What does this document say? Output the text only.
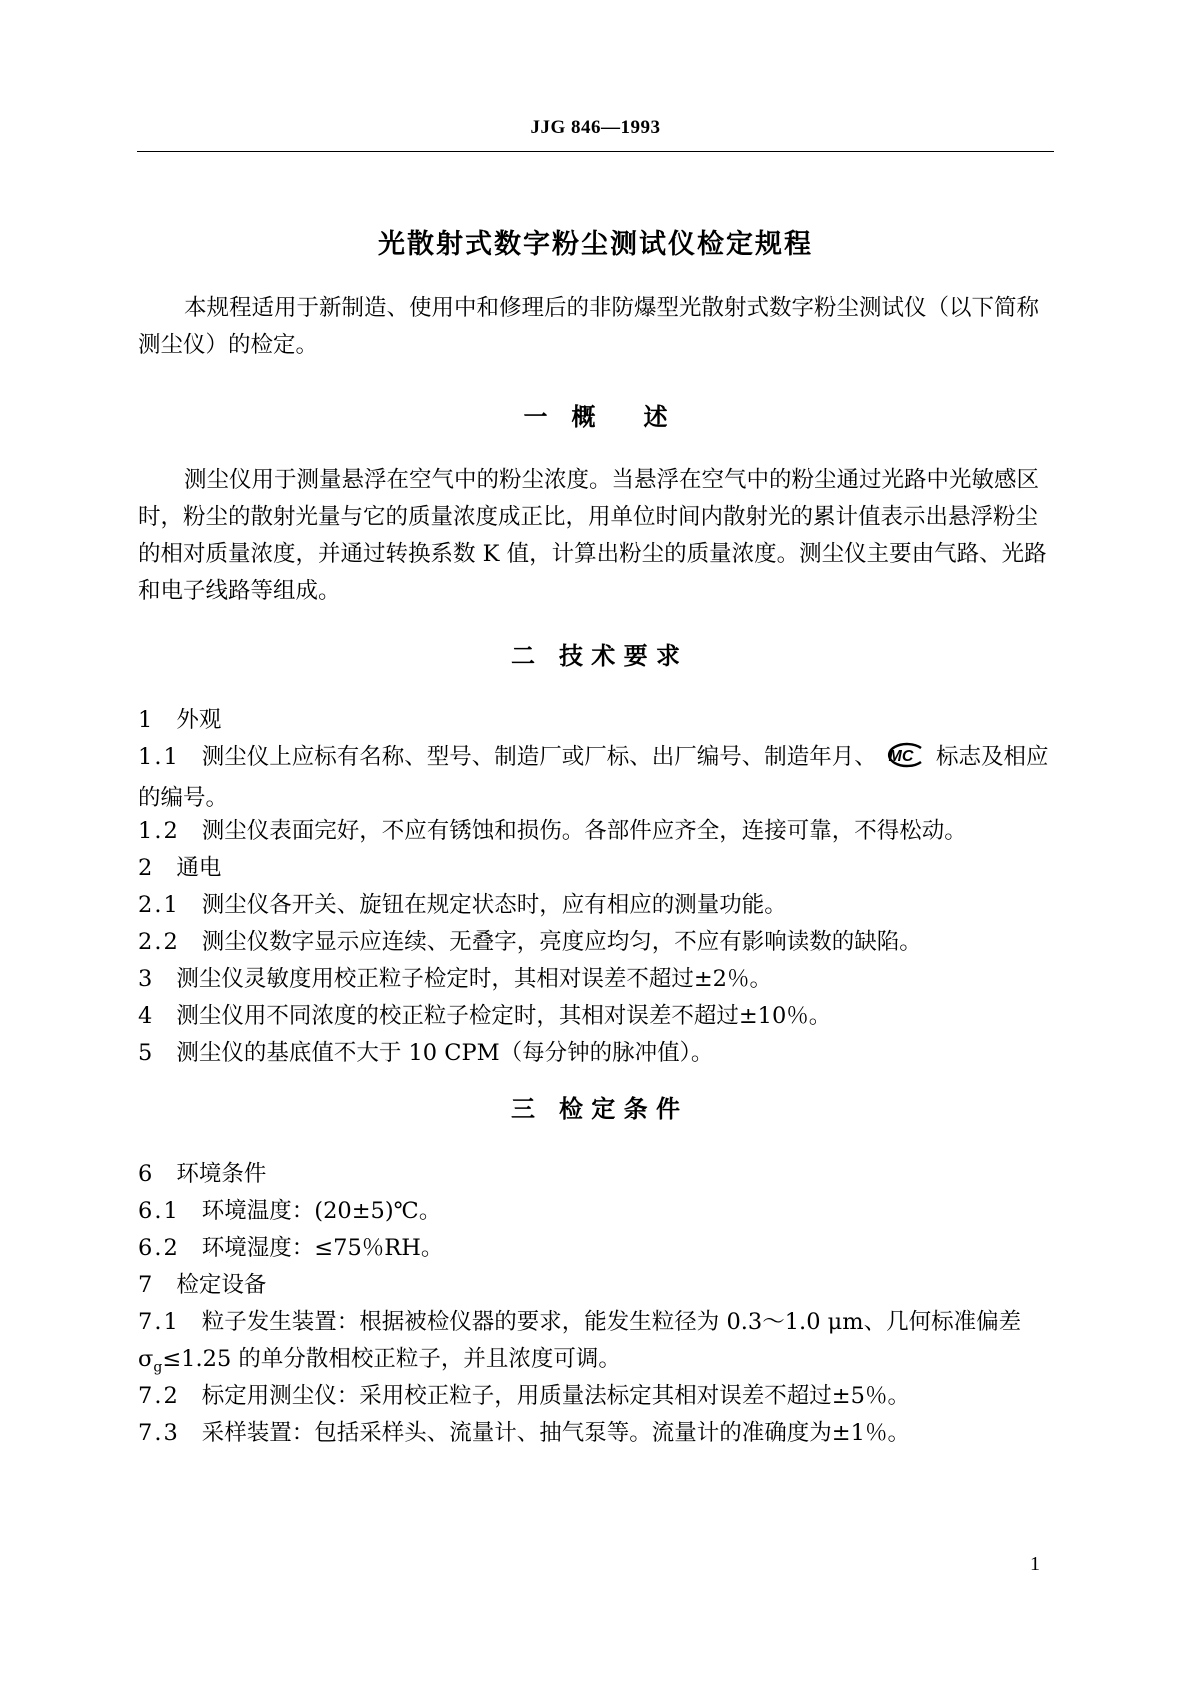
JJG 846—1993
光散射式数字粉尘测试仪检定规程
本规程适用于新制造、使用中和修理后的非防爆型光散射式数字粉尘测试仪（以下简称测尘仪）的检定。
一　概　　述
测尘仪用于测量悬浮在空气中的粉尘浓度。当悬浮在空气中的粉尘通过光路中光敏感区时，粉尘的散射光量与它的质量浓度成正比，用单位时间内散射光的累计值表示出悬浮粉尘的相对质量浓度，并通过转换系数 K 值，计算出粉尘的质量浓度。测尘仪主要由气路、光路和电子线路等组成。
二　技 术 要 求
1 外观
1.1 测尘仪上应标有名称、型号、制造厂或厂标、出厂编号、制造年月、 MC 标志及相应的编号。
1.2 测尘仪表面完好，不应有锈蚀和损伤。各部件应齐全，连接可靠，不得松动。
2 通电
2.1 测尘仪各开关、旋钮在规定状态时，应有相应的测量功能。
2.2 测尘仪数字显示应连续、无叠字，亮度应均匀，不应有影响读数的缺陷。
3 测尘仪灵敏度用校正粒子检定时，其相对误差不超过±2％。
4 测尘仪用不同浓度的校正粒子检定时，其相对误差不超过±10％。
5 测尘仪的基底值不大于 10 CPM（每分钟的脉冲值）。
三　检 定 条 件
6 环境条件
6.1 环境温度：(20±5)℃。
6.2 环境湿度：≤75％RH。
7 检定设备
7.1 粒子发生装置：根据被检仪器的要求，能发生粒径为 0.3～1.0 μm、几何标准偏差 $\sigma_g\le 1.25$ 的单分散相校正粒子，并且浓度可调。
7.2 标定用测尘仪：采用校正粒子，用质量法标定其相对误差不超过±5％。
7.3 采样装置：包括采样头、流量计、抽气泵等。流量计的准确度为±1％。
1
